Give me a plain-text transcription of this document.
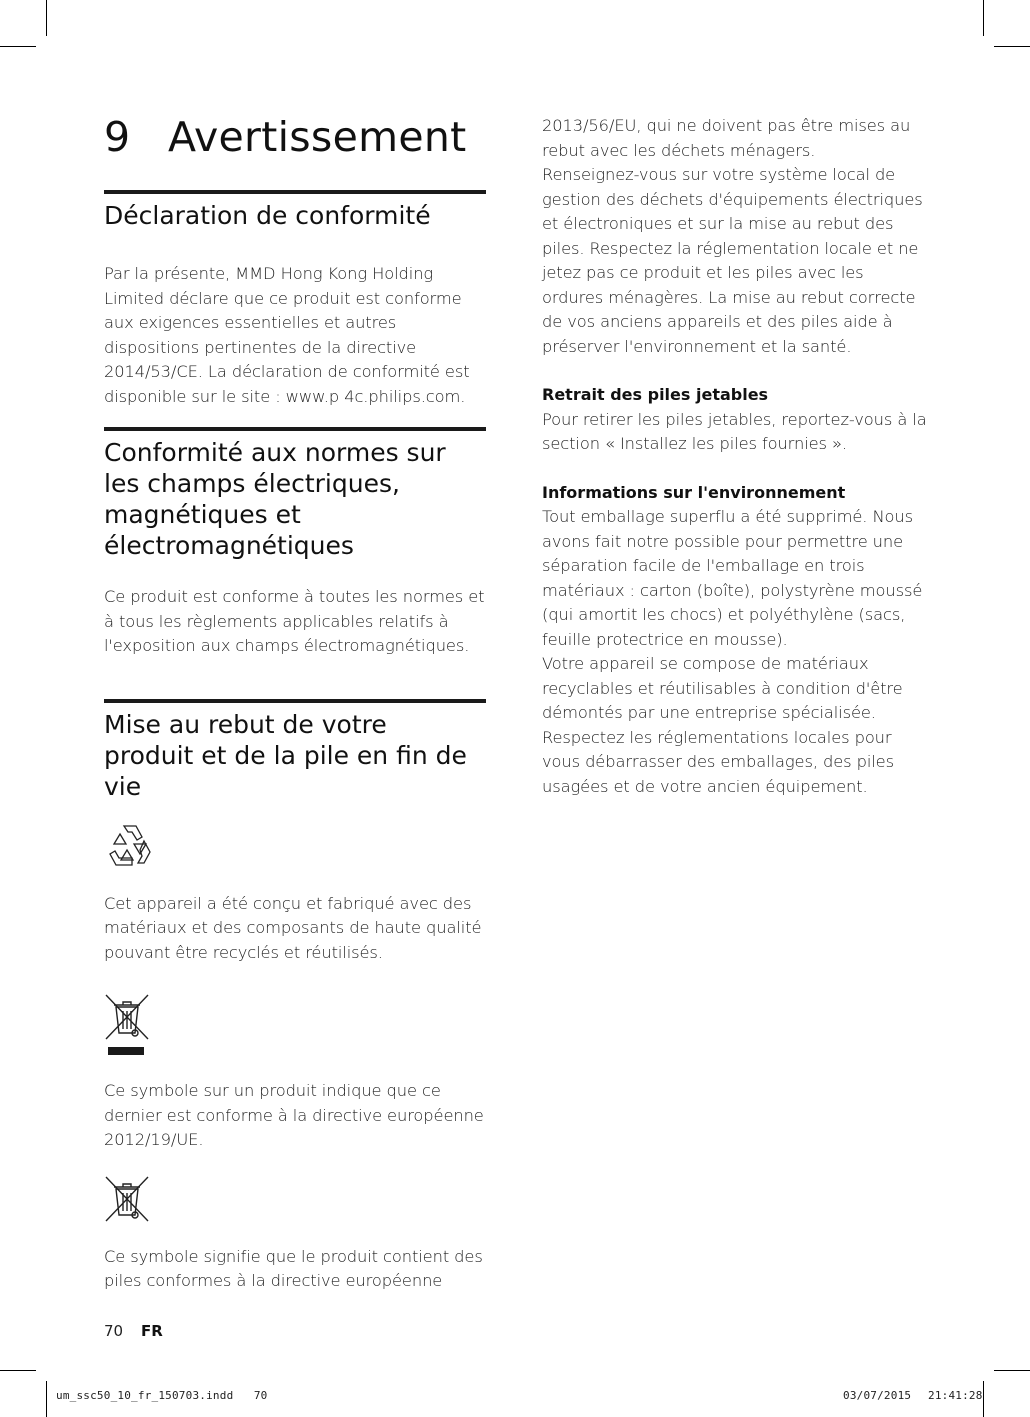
9 Avertissement
Déclaration de conformité

Par la présente, MMD Hong Kong Holding Limited déclare que ce produit est conforme aux exigences essentielles et autres dispositions pertinentes de la directive 2014/53/CE. La déclaration de conformité est disponible sur le site : www.p 4c.philips.com.

Conformité aux normes sur les champs électriques, magnétiques et électromagnétiques

Ce produit est conforme à toutes les normes et à tous les règlements applicables relatifs à l'exposition aux champs électromagnétiques.

Mise au rebut de votre produit et de la pile en fin de vie

Cet appareil a été conçu et fabriqué avec des matériaux et des composants de haute qualité pouvant être recyclés et réutilisés.

Ce symbole sur un produit indique que ce dernier est conforme à la directive européenne 2012/19/UE.

Ce symbole signifie que le produit contient des piles conformes à la directive européenne

2013/56/EU, qui ne doivent pas être mises au rebut avec les déchets ménagers.

Renseignez-vous sur votre système local de gestion des déchets d'équipements électriques et électroniques et sur la mise au rebut des piles. Respectez la réglementation locale et ne jetez pas ce produit et les piles avec les ordures ménagères. La mise au rebut correcte de vos anciens appareils et des piles aide à préserver l'environnement et la santé.

Retrait des piles jetables

Pour retirer les piles jetables, reportez-vous à la section « Installez les piles fournies ».

Informations sur l'environnement

Tout emballage superflu a été supprimé. Nous avons fait notre possible pour permettre une séparation facile de l'emballage en trois matériaux : carton (boîte), polystyrène moussé (qui amortit les chocs) et polyéthylène (sacs, feuille protectrice en mousse).

Votre appareil se compose de matériaux recyclables et réutilisables à condition d'être démontés par une entreprise spécialisée. Respectez les réglementations locales pour vous débarrasser des emballages, des piles usagées et de votre ancien équipement.

70 FR
um_ssc50_10_fr_150703.indd   70	03/07/2015 21:41:28
